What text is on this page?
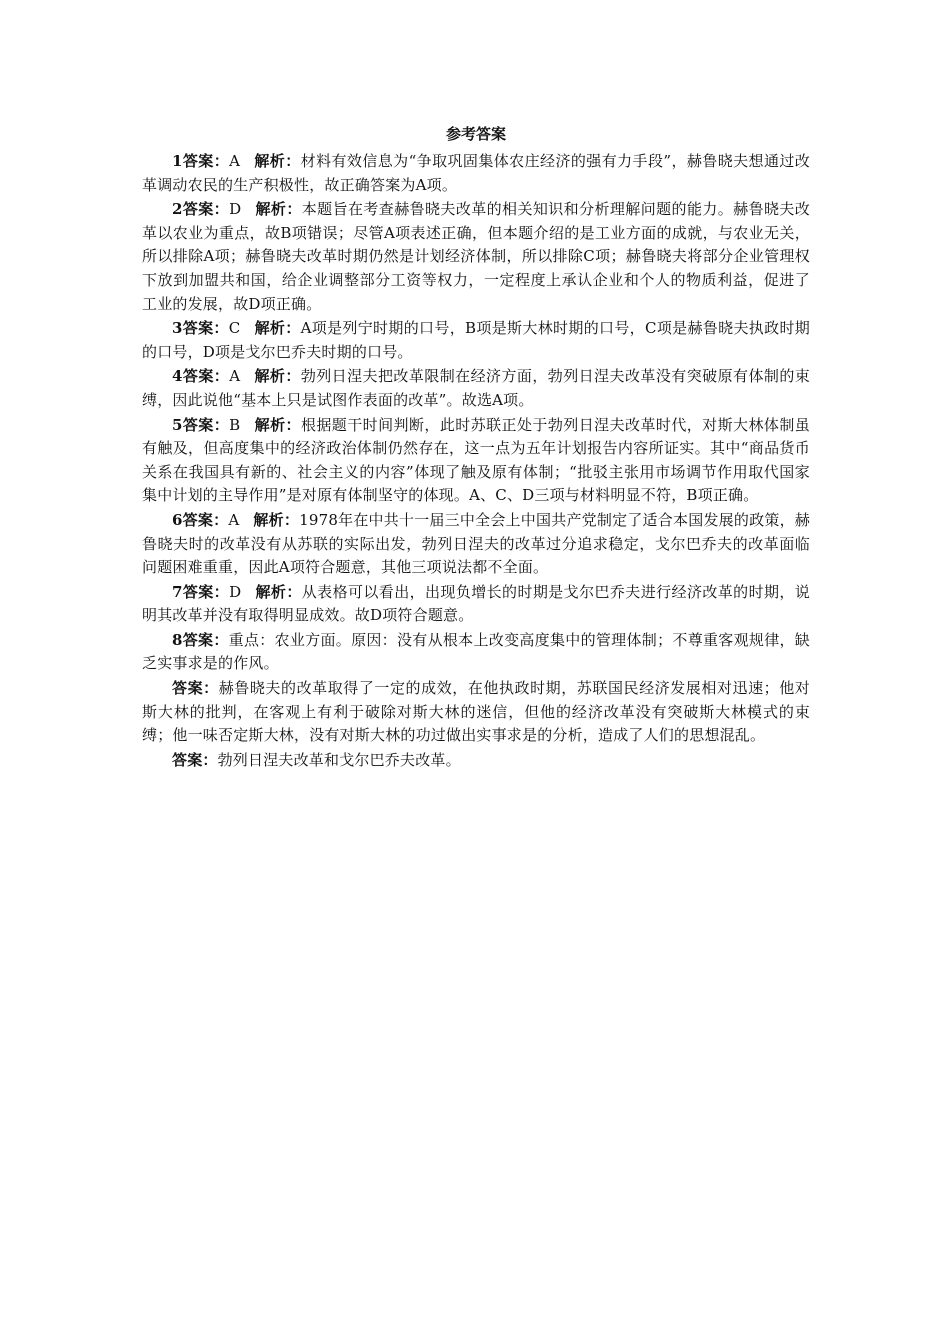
参考答案

1答案：A 解析：材料有效信息为“争取巩固集体农庄经济的强有力手段”，赫鲁晓夫想通过改革调动农民的生产积极性，故正确答案为A项。

2答案：D 解析：本题旨在考查赫鲁晓夫改革的相关知识和分析理解问题的能力。赫鲁晓夫改革以农业为重点，故B项错误；尽管A项表述正确，但本题介绍的是工业方面的成就，与农业无关，所以排除A项；赫鲁晓夫改革时期仍然是计划经济体制，所以排除C项；赫鲁晓夫将部分企业管理权下放到加盟共和国，给企业调整部分工资等权力，一定程度上承认企业和个人的物质利益，促进了工业的发展，故D项正确。

3答案：C 解析：A项是列宁时期的口号，B项是斯大林时期的口号，C项是赫鲁晓夫执政时期的口号，D项是戈尔巴乔夫时期的口号。

4答案：A 解析：勃列日涅夫把改革限制在经济方面，勃列日涅夫改革没有突破原有体制的束缚，因此说他“基本上只是试图作表面的改革”。故选A项。

5答案：B 解析：根据题干时间判断，此时苏联正处于勃列日涅夫改革时代，对斯大林体制虽有触及，但高度集中的经济政治体制仍然存在，这一点为五年计划报告内容所证实。其中“商品货币关系在我国具有新的、社会主义的内容”体现了触及原有体制；“批驳主张用市场调节作用取代国家集中计划的主导作用”是对原有体制坚守的体现。A、C、D三项与材料明显不符，B项正确。

6答案：A 解析：1978年在中共十一届三中全会上中国共产党制定了适合本国发展的政策，赫鲁晓夫时的改革没有从苏联的实际出发，勃列日涅夫的改革过分追求稳定，戈尔巴乔夫的改革面临问题困难重重，因此A项符合题意，其他三项说法都不全面。

7答案：D 解析：从表格可以看出，出现负增长的时期是戈尔巴乔夫进行经济改革的时期，说明其改革并没有取得明显成效。故D项符合题意。

8答案：重点：农业方面。原因：没有从根本上改变高度集中的管理体制；不尊重客观规律，缺乏实事求是的作风。

答案：赫鲁晓夫的改革取得了一定的成效，在他执政时期，苏联国民经济发展相对迅速；他对斯大林的批判，在客观上有利于破除对斯大林的迷信，但他的经济改革没有突破斯大林模式的束缚；他一味否定斯大林，没有对斯大林的功过做出实事求是的分析，造成了人们的思想混乱。

答案：勃列日涅夫改革和戈尔巴乔夫改革。
